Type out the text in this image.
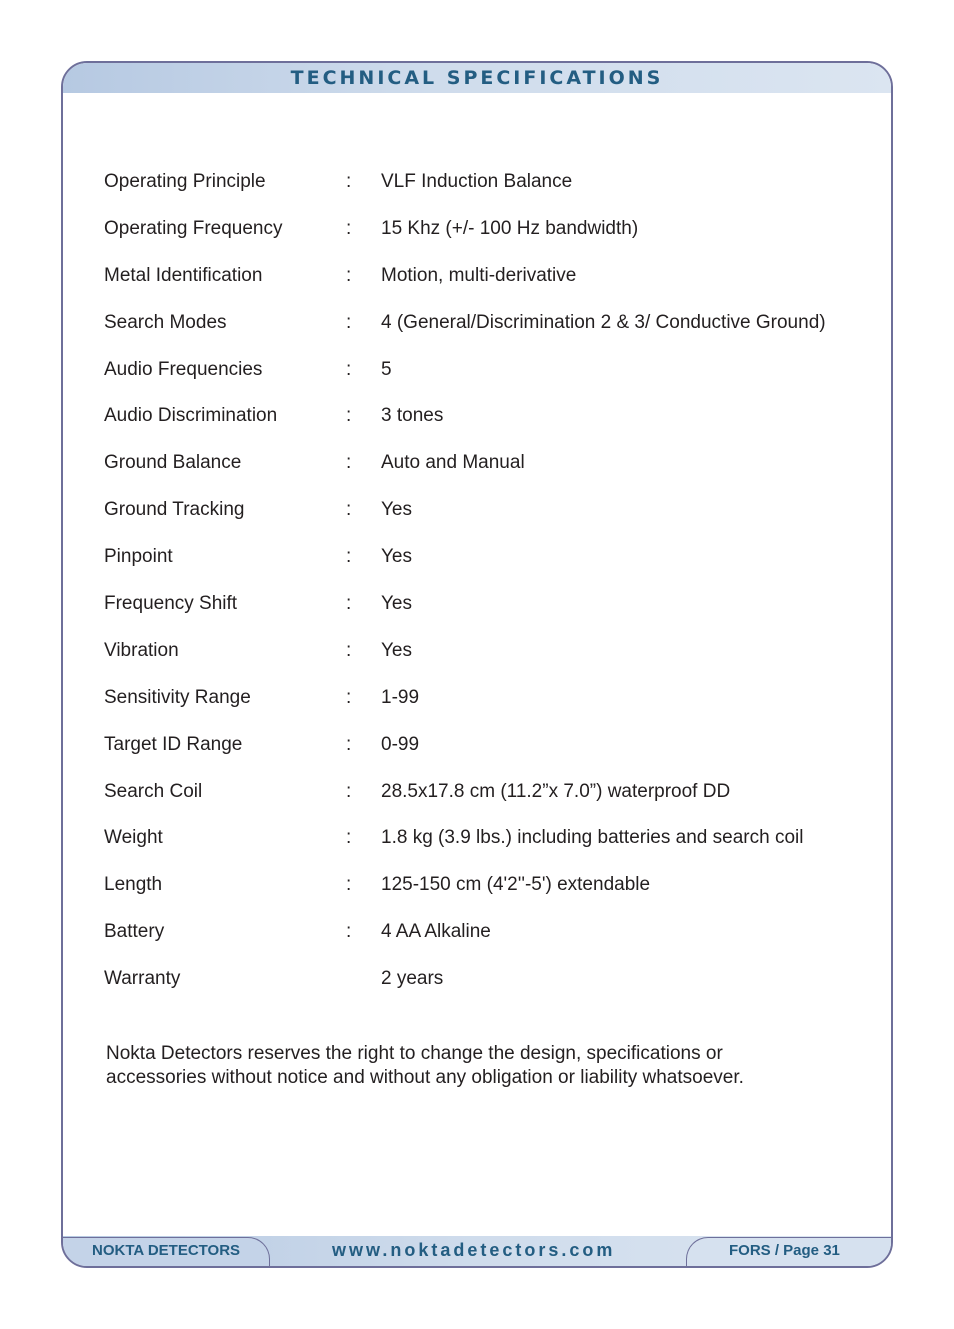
TECHNICAL SPECIFICATIONS
Operating Principle	: VLF Induction Balance
Operating Frequency	: 15 Khz (+/- 100 Hz bandwidth)
Metal Identification	: Motion, multi-derivative
Search Modes	: 4 (General/Discrimination 2 & 3/ Conductive Ground)
Audio Frequencies	: 5
Audio Discrimination	: 3 tones
Ground Balance	: Auto and Manual
Ground Tracking	: Yes
Pinpoint	: Yes
Frequency Shift	: Yes
Vibration	: Yes
Sensitivity Range	: 1-99
Target ID Range	: 0-99
Search Coil	: 28.5x17.8 cm (11.2”x 7.0”) waterproof DD
Weight	: 1.8 kg (3.9 lbs.) including batteries and search coil
Length	: 125-150 cm (4'2''-5') extendable
Battery	: 4 AA Alkaline
Warranty	2 years
Nokta Detectors reserves the right to change the design, specifications or
accessories without notice and without any obligation or liability whatsoever.
NOKTA DETECTORS	www.noktadetectors.com	FORS / Page 31
